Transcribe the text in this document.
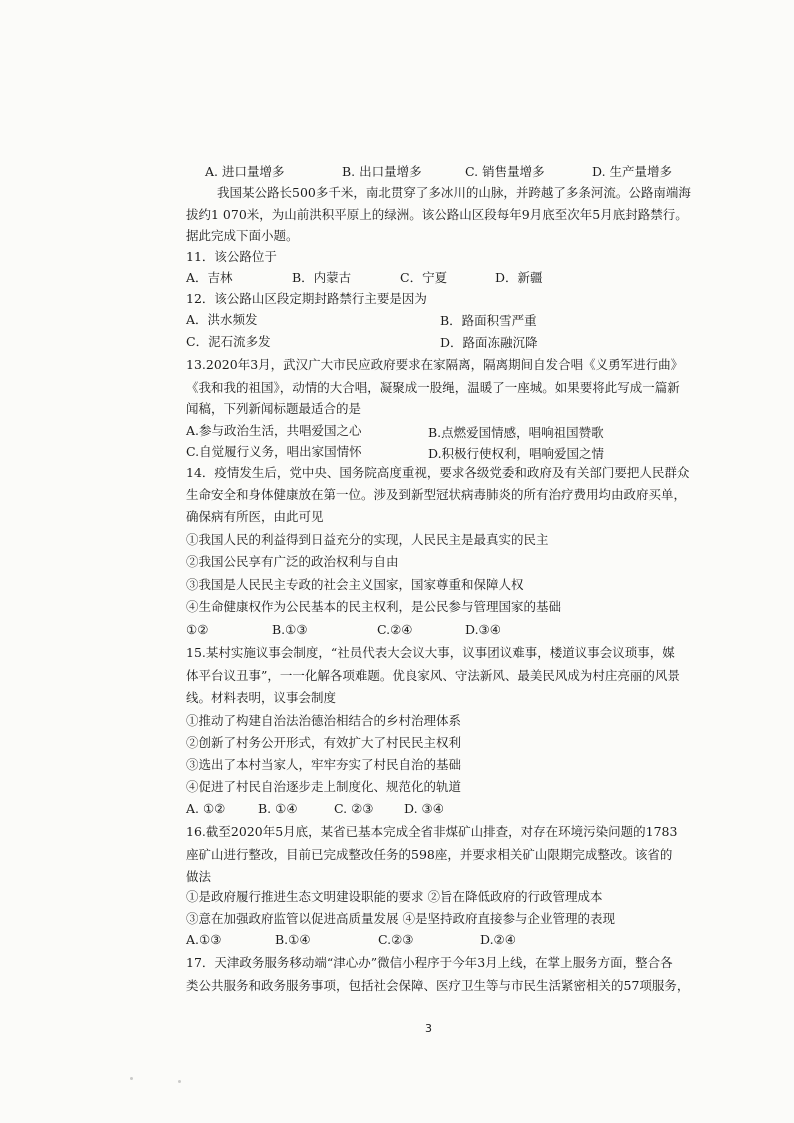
A. 进口量增多	B. 出口量增多	C. 销售量增多	D. 生产量增多
我国某公路长500多千米，南北贯穿了多冰川的山脉，并跨越了多条河流。公路南端海
拔约1 070米，为山前洪积平原上的绿洲。该公路山区段每年9月底至次年5月底封路禁行。
据此完成下面小题。
11．该公路位于
A．吉林	B．内蒙古	C．宁夏	D．新疆
12．该公路山区段定期封路禁行主要是因为
A．洪水频发	B．路面积雪严重
C．泥石流多发	D．路面冻融沉降
13.2020年3月，武汉广大市民应政府要求在家隔离，隔离期间自发合唱《义勇军进行曲》
《我和我的祖国》，动情的大合唱，凝聚成一股绳，温暖了一座城。如果要将此写成一篇新
闻稿，下列新闻标题最适合的是
A.参与政治生活，共唱爱国之心	B.点燃爱国情感，唱响祖国赞歌
C.自觉履行义务，唱出家国情怀	D.积极行使权利，唱响爱国之情
14．疫情发生后，党中央、国务院高度重视，要求各级党委和政府及有关部门要把人民群众
生命安全和身体健康放在第一位。涉及到新型冠状病毒肺炎的所有治疗费用均由政府买单，
确保病有所医，由此可见
①我国人民的利益得到日益充分的实现，人民民主是最真实的民主
②我国公民享有广泛的政治权利与自由
③我国是人民民主专政的社会主义国家，国家尊重和保障人权
④生命健康权作为公民基本的民主权利，是公民参与管理国家的基础
①②	B.①③	C.②④	D.③④
15.某村实施议事会制度，“社员代表大会议大事，议事团议难事，楼道议事会议琐事，媒
体平台议丑事”，一一化解各项难题。优良家风、守法新风、最美民风成为村庄亮丽的风景
线。材料表明，议事会制度
①推动了构建自治法治德治相结合的乡村治理体系
②创新了村务公开形式，有效扩大了村民民主权利
③选出了本村当家人，牢牢夯实了村民自治的基础
④促进了村民自治逐步走上制度化、规范化的轨道
A. ①②	B. ①④	C. ②③ D. ③④
16.截至2020年5月底，某省已基本完成全省非煤矿山排查，对存在环境污染问题的1783
座矿山进行整改，目前已完成整改任务的598座，并要求相关矿山限期完成整改。该省的
做法
①是政府履行推进生态文明建设职能的要求 ②旨在降低政府的行政管理成本
③意在加强政府监管以促进高质量发展 ④是坚持政府直接参与企业管理的表现
A.①③	B.①④	C.②③	D.②④
17．天津政务服务移动端“津心办”微信小程序于今年3月上线，在掌上服务方面，整合各
类公共服务和政务服务事项，包括社会保障、医疗卫生等与市民生活紧密相关的57项服务，
3
